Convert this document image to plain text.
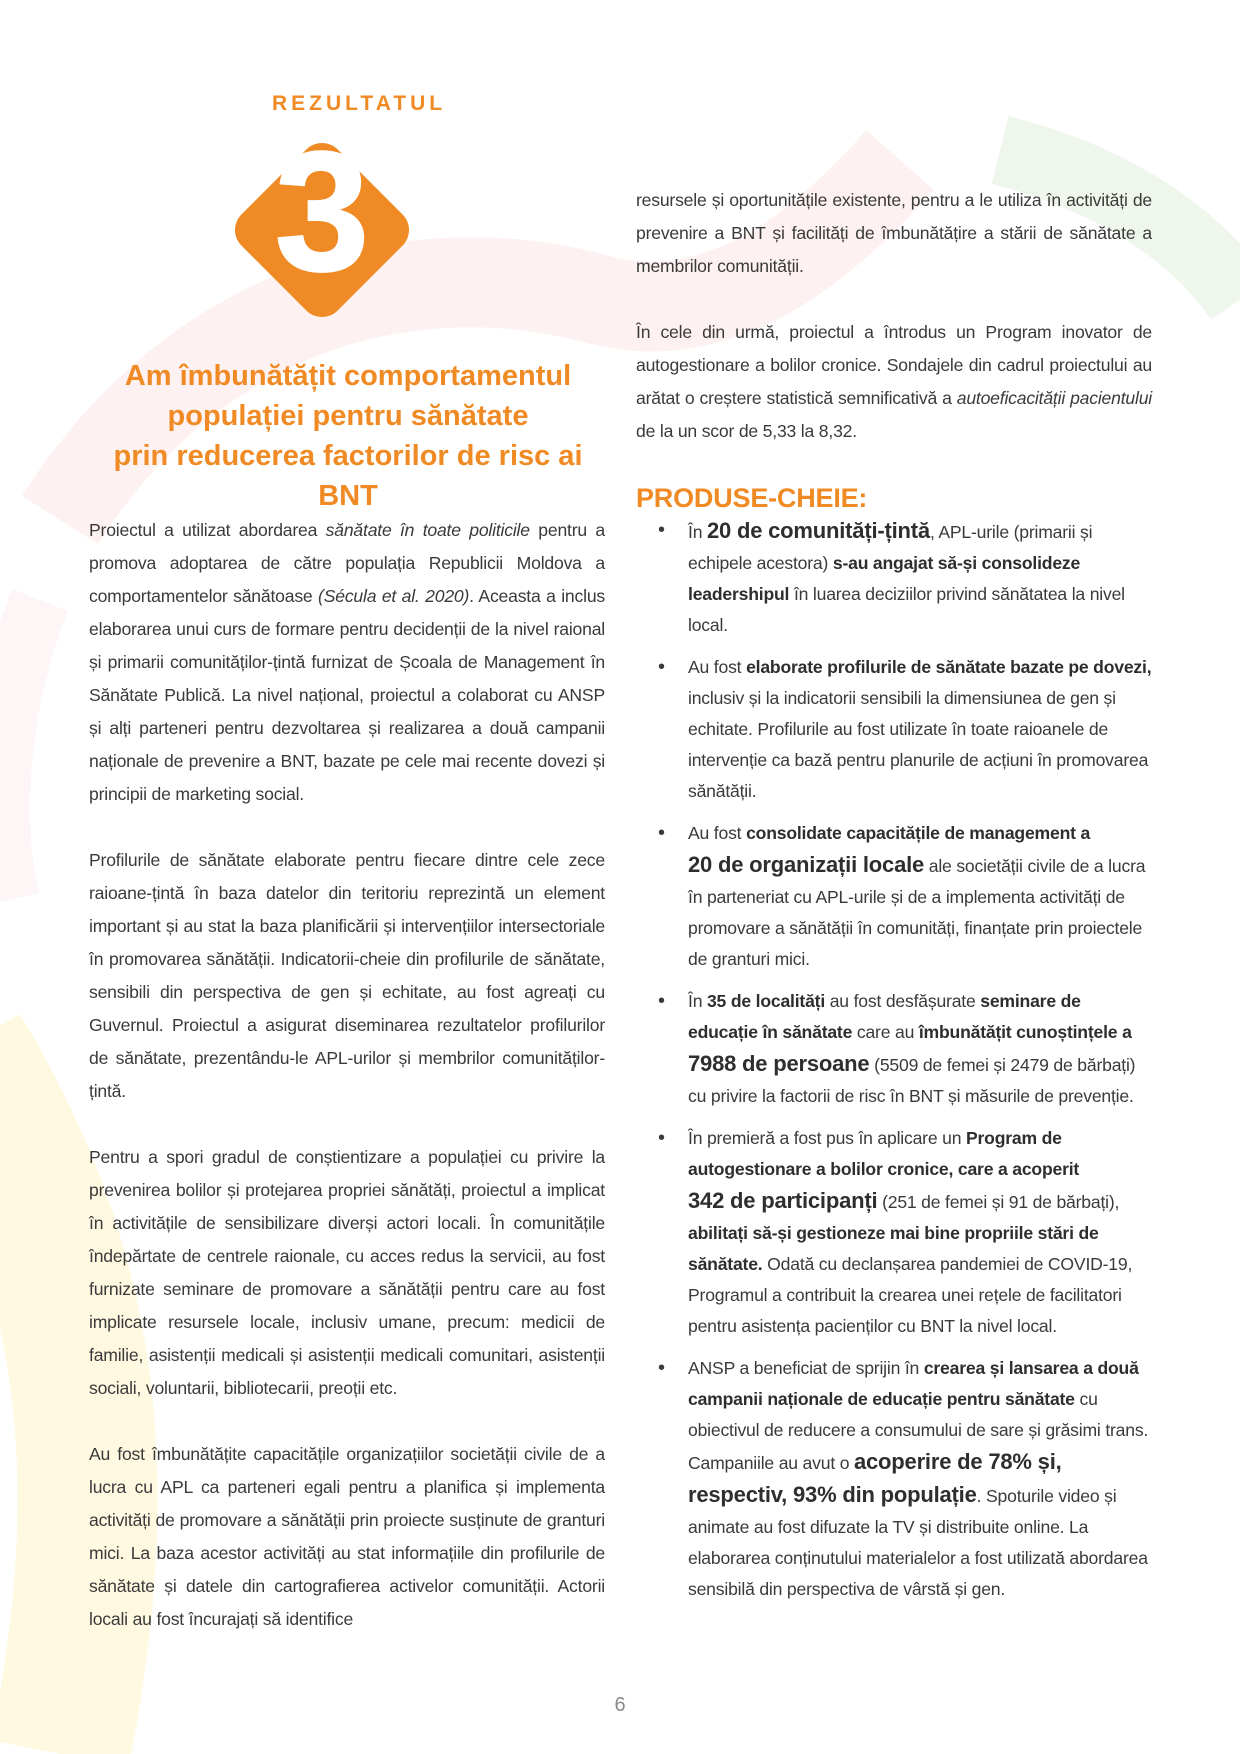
REZULTATUL
3
Am îmbunătățit comportamentul
populației pentru sănătate
prin reducerea factorilor de risc ai BNT

Proiectul a utilizat abordarea sănătate în toate politicile pentru a promova adoptarea de către populația Republicii Moldova a comportamentelor sănătoase (Sécula et al. 2020). Aceasta a inclus elaborarea unui curs de formare pentru decidenții de la nivel raional și primarii comunităților-țintă furnizat de Școala de Management în Sănătate Publică. La nivel național, proiectul a colaborat cu ANSP și alți parteneri pentru dezvoltarea și realizarea a două campanii naționale de prevenire a BNT, bazate pe cele mai recente dovezi și principii de marketing social.

Profilurile de sănătate elaborate pentru fiecare dintre cele zece raioane-țintă în baza datelor din teritoriu reprezintă un element important și au stat la baza planificării și intervențiilor intersectoriale în promovarea sănătății. Indicatorii-cheie din profilurile de sănătate, sensibili din perspectiva de gen și echitate, au fost agreați cu Guvernul. Proiectul a asigurat diseminarea rezultatelor profilurilor de sănătate, prezentându-le APL-urilor și membrilor comunităților-țintă.

Pentru a spori gradul de conștientizare a populației cu privire la prevenirea bolilor și protejarea propriei sănătăți, proiectul a implicat în activitățile de sensibilizare diverși actori locali. În comunitățile îndepărtate de centrele raionale, cu acces redus la servicii, au fost furnizate seminare de promovare a sănătății pentru care au fost implicate resursele locale, inclusiv umane, precum: medicii de familie, asistenții medicali și asistenții medicali comunitari, asistenții sociali, voluntarii, bibliotecarii, preoții etc.

Au fost îmbunătățite capacitățile organizațiilor societății civile de a lucra cu APL ca parteneri egali pentru a planifica și implementa activități de promovare a sănătății prin proiecte susținute de granturi mici. La baza acestor activități au stat informațiile din profilurile de sănătate și datele din cartografierea activelor comunității. Actorii locali au fost încurajați să identifice

resursele și oportunitățile existente, pentru a le utiliza în activități de prevenire a BNT și facilități de îmbunătățire a stării de sănătate a membrilor comunității.

În cele din urmă, proiectul a întrodus un Program inovator de autogestionare a bolilor cronice. Sondajele din cadrul proiectului au arătat o creștere statistică semnificativă a autoeficacității pacientului de la un scor de 5,33 la 8,32.

PRODUSE-CHEIE:
• În 20 de comunități-țintă, APL-urile (primarii și echipele acestora) s-au angajat să-și consolideze leadershipul în luarea deciziilor privind sănătatea la nivel local.
• Au fost elaborate profilurile de sănătate bazate pe dovezi, inclusiv și la indicatorii sensibili la dimensiunea de gen și echitate. Profilurile au fost utilizate în toate raioanele de intervenție ca bază pentru planurile de acțiuni în promovarea sănătății.
• Au fost consolidate capacitățile de management a
20 de organizații locale ale societății civile de a lucra în parteneriat cu APL-urile și de a implementa activități de promovare a sănătății în comunități, finanțate prin proiectele de granturi mici.
• În 35 de localități au fost desfășurate seminare de educație în sănătate care au îmbunătățit cunoștințele a 7988 de persoane (5509 de femei și 2479 de bărbați) cu privire la factorii de risc în BNT și măsurile de prevenție.
• În premieră a fost pus în aplicare un Program de autogestionare a bolilor cronice, care a acoperit
342 de participanți (251 de femei și 91 de bărbați), abilitați să-și gestioneze mai bine propriile stări de sănătate. Odată cu declanșarea pandemiei de COVID-19, Programul a contribuit la crearea unei rețele de facilitatori pentru asistența pacienților cu BNT la nivel local.
• ANSP a beneficiat de sprijin în crearea și lansarea a două campanii naționale de educație pentru sănătate cu obiectivul de reducere a consumului de sare și grăsimi trans. Campaniile au avut o acoperire de 78% și, respectiv, 93% din populație. Spoturile video și animate au fost difuzate la TV și distribuite online. La elaborarea conținutului materialelor a fost utilizată abordarea sensibilă din perspectiva de vârstă și gen.
6
